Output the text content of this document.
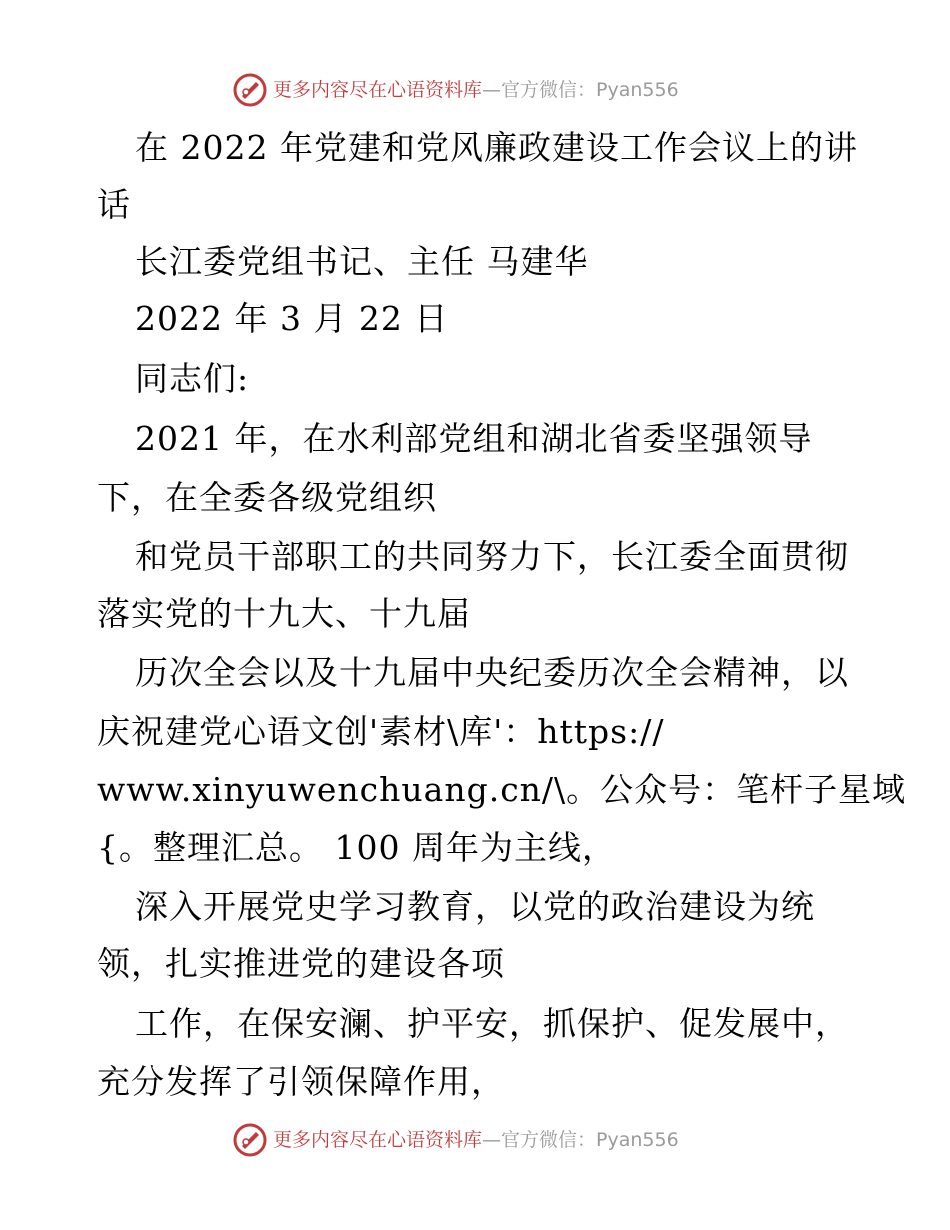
更多内容尽在心语资料库—官方微信：Pyan556
在 2022 年党建和党风廉政建设工作会议上的讲
话
长江委党组书记、主任 马建华
2022 年 3 月 22 日
同志们:
2021 年，在水利部党组和湖北省委坚强领导
下，在全委各级党组织
和党员干部职工的共同努力下，长江委全面贯彻
落实党的十九大、十九届
历次全会以及十九届中央纪委历次全会精神，以
庆祝建党心语文创'素材\库'：https://
www.xinyuwenchuang.cn/\。公众号：笔杆子星域
{。整理汇总。 100 周年为主线，
深入开展党史学习教育，以党的政治建设为统
领，扎实推进党的建设各项
工作，在保安澜、护平安，抓保护、促发展中，
充分发挥了引领保障作用，
更多内容尽在心语资料库—官方微信：Pyan556
